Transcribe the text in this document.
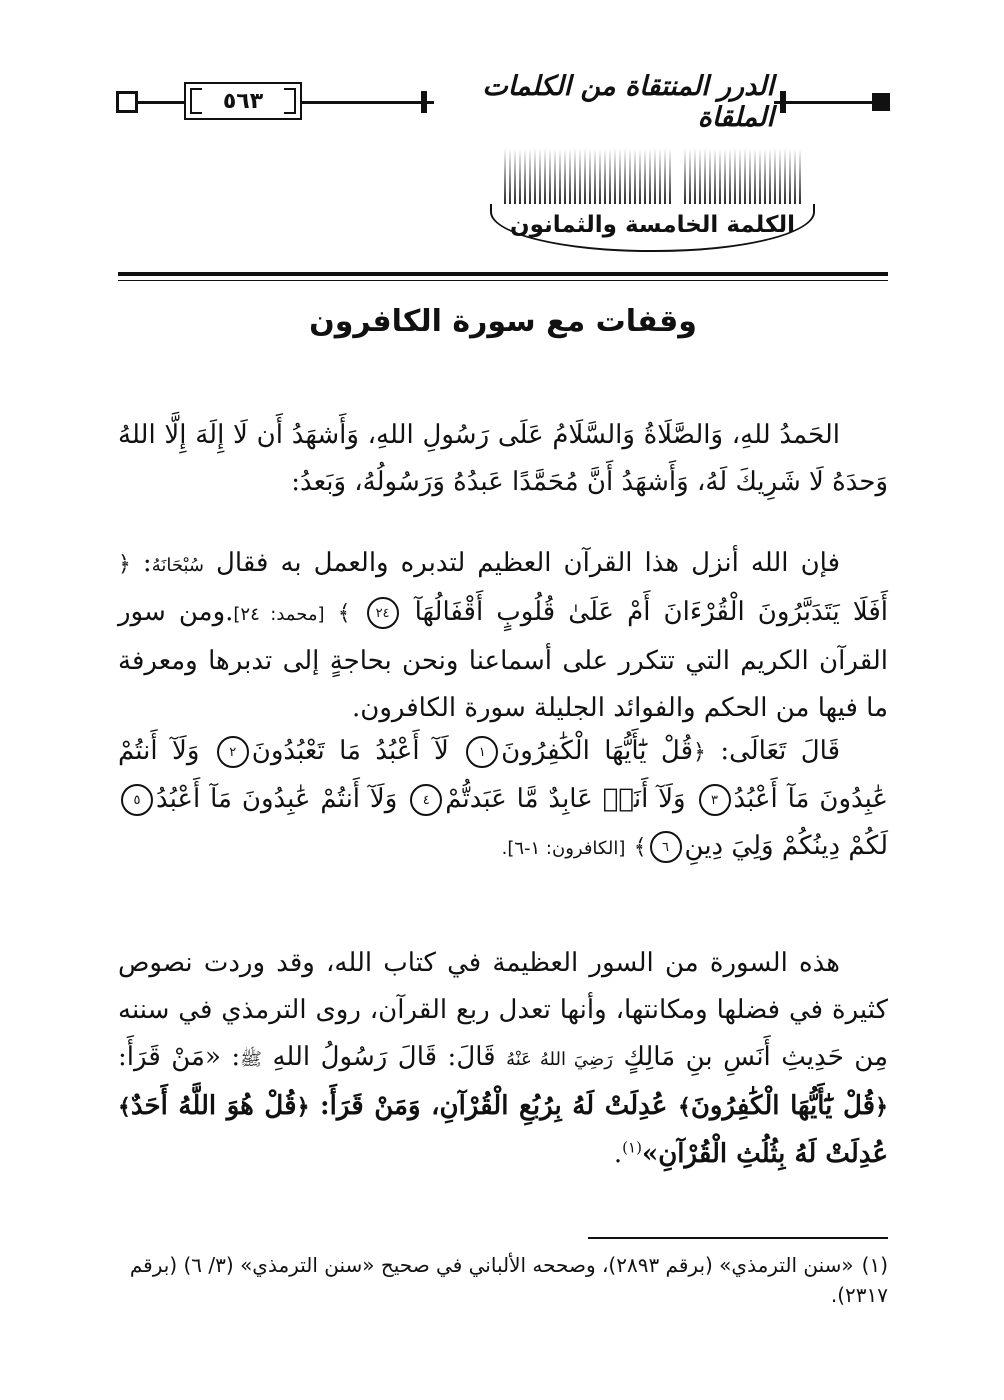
٥٦٣	الدرر المنتقاة من الكلمات الملقاة
الكلمة الخامسة والثمانون
وقفات مع سورة الكافرون

الحَمدُ للهِ، وَالصَّلَاةُ وَالسَّلَامُ عَلَى رَسُولِ اللهِ، وَأَشهَدُ أَن لَا إِلَهَ إِلَّا اللهُ وَحدَهُ لَا شَرِيكَ لَهُ، وَأَشهَدُ أَنَّ مُحَمَّدًا عَبدُهُ وَرَسُولُهُ، وَبَعدُ:

فإن الله أنزل هذا القرآن العظيم لتدبره والعمل به فقال سُبْحَانَهُ: ﴿ أَفَلَا يَتَدَبَّرُونَ الْقُرْءَانَ أَمْ عَلَىٰ قُلُوبٍ أَقْفَالُهَآ ٢٤ ﴾ [محمد: ٢٤].ومن سور القرآن الكريم التي تتكرر على أسماعنا ونحن بحاجةٍ إلى تدبرها ومعرفة ما فيها من الحكم والفوائد الجليلة سورة الكافرون.

قَالَ تَعَالَى: ﴿قُلْ يَٰٓأَيُّهَا الْكَٰفِرُونَ١ لَآ أَعْبُدُ مَا تَعْبُدُونَ٢ وَلَآ أَنتُمْ عَٰبِدُونَ مَآ أَعْبُدُ٣ وَلَآ أَنَا۠ عَابِدٌ مَّا عَبَدتُّمْ٤ وَلَآ أَنتُمْ عَٰبِدُونَ مَآ أَعْبُدُ٥ لَكُمْ دِينُكُمْ وَلِيَ دِينِ٦﴾ [الكافرون: ١-٦].

هذه السورة من السور العظيمة في كتاب الله، وقد وردت نصوص كثيرة في فضلها ومكانتها، وأنها تعدل ربع القرآن، روى الترمذي في سننه مِن حَدِيثِ أَنَسِ بنِ مَالِكٍ رَضِيَ اللهُ عَنْهُ قَالَ: قَالَ رَسُولُ اللهِ ﷺ: «مَنْ قَرَأَ: ﴿قُلْ يَٰٓأَيُّهَا الْكَٰفِرُونَ﴾ عُدِلَتْ لَهُ بِرُبُعِ الْقُرْآنِ، وَمَنْ قَرَأَ: ﴿قُلْ هُوَ اللَّهُ أَحَدٌ﴾ عُدِلَتْ لَهُ بِثُلُثِ الْقُرْآنِ»$^{(١)}$.

(١)«سنن الترمذي» (برقم ٢٨٩٣)، وصححه الألباني في صحيح «سنن الترمذي» (٣/ ٦) (برقم ٢٣١٧).
